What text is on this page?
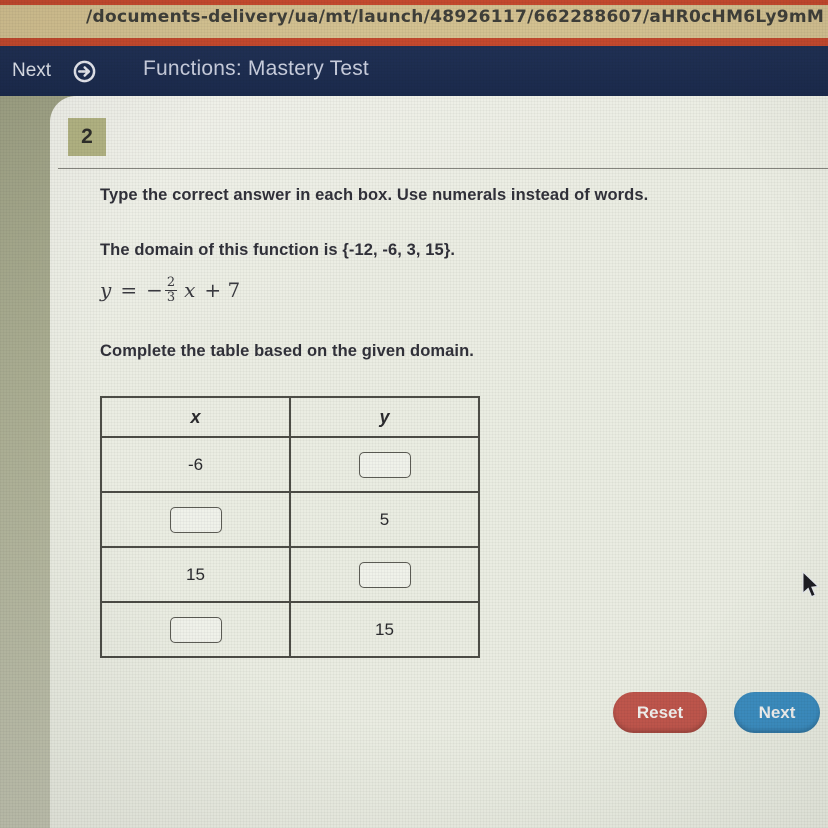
/documents-delivery/ua/mt/launch/48926117/662288607/aHR0cHM6Ly9mM
Next	Functions: Mastery Test
2

Type the correct answer in each box. Use numerals instead of words.

The domain of this function is {-12, -6, 3, 15}.

y = − $\frac{2}{3}$ x + 7

Complete the table based on the given domain.

x	y
-6	

	5
15	

	15
Reset	Next
